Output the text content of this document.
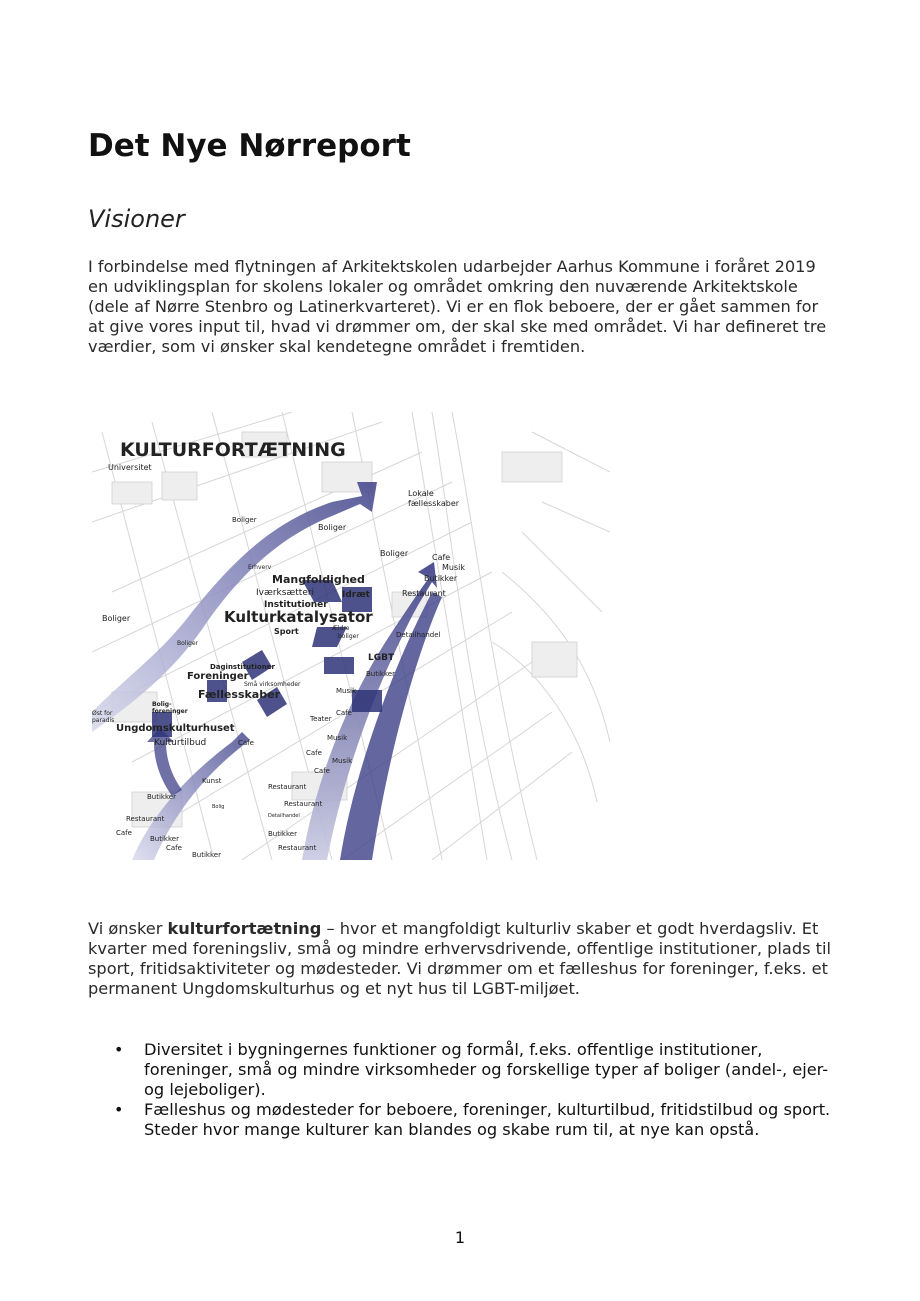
Det Nye Nørreport
Visioner

I forbindelse med flytningen af Arkitektskolen udarbejder Aarhus Kommune i foråret 2019 en udviklingsplan for skolens lokaler og området omkring den nuværende Arkitektskole (dele af Nørre Stenbro og Latinerkvarteret). Vi er en flok beboere, der er gået sammen for at give vores input til, hvad vi drømmer om, der skal ske med området. Vi har defineret tre værdier, som vi ønsker skal kendetegne området i fremtiden.

KULTURFORTÆTNING
Universitet
Lokale
fællesskaber
Boliger
Boliger
Boliger
Erhverv
Cafe
Musik
Butikker
Restaurant
Mangfoldighed
Iværksætteri	Idræt
Institutioner
Boliger	Kulturkatalysator
Sport	Ældre
boliger	Detailhandel
Boliger
LGBT
Daginstitutioner
Butikker
Foreninger
Små virksomheder
Musik
Fællesskaber
Bolig-
foreninger	Cafe
Øst for
paradis	Teater
Ungdomskulturhuset
Musik
Kulturtilbud	Cafe
Cafe
Musik
Cafe
Kunst
Restaurant
Butikker
Restaurant
Bolig
Detailhandel
Restaurant
Cafe	Butikker
Butikker
Restaurant
Cafe
Butikker

Vi ønsker kulturfortætning – hvor et mangfoldigt kulturliv skaber et godt hverdagsliv. Et kvarter med foreningsliv, små og mindre erhvervsdrivende, offentlige institutioner, plads til sport, fritidsaktiviteter og mødesteder. Vi drømmer om et fælleshus for foreninger, f.eks. et permanent Ungdomskulturhus og et nyt hus til LGBT-miljøet.

• Diversitet i bygningernes funktioner og formål, f.eks. offentlige institutioner, foreninger, små og mindre virksomheder og forskellige typer af boliger (andel-, ejer- og lejeboliger).
• Fælleshus og mødesteder for beboere, foreninger, kulturtilbud, fritidstilbud og sport. Steder hvor mange kulturer kan blandes og skabe rum til, at nye kan opstå.
1
